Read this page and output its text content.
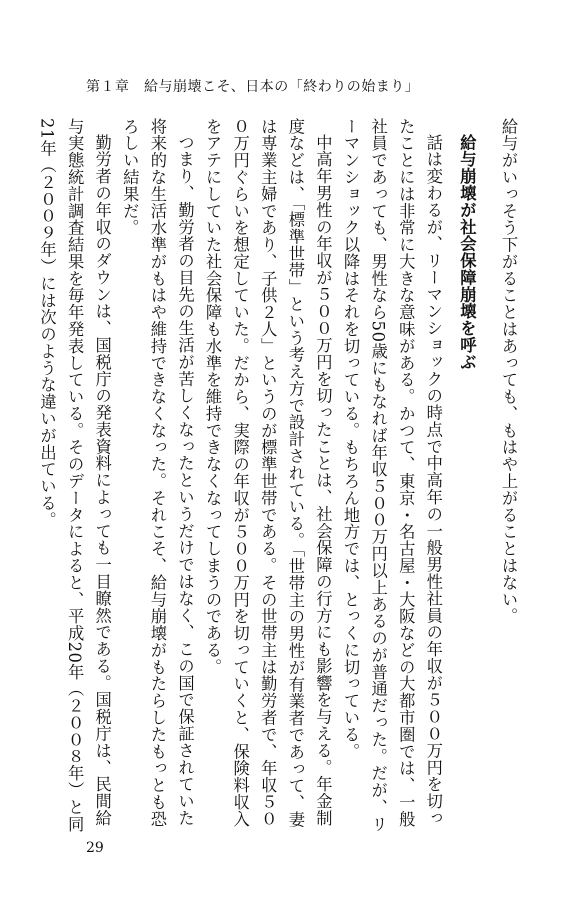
第１章　給与崩壊こそ、日本の「終わりの始まり」

給与がいっそう下がることはあっても、もはや上がることはない。

給与崩壊が社会保障崩壊を呼ぶ

話は変わるが、リーマンショックの時点で中高年の一般男性社員の年収が５００万円を切ったことには非常に大きな意味がある。かつて、東京・名古屋・大阪などの大都市圏では、一般社員であっても、男性なら50歳にもなれば年収５００万円以上あるのが普通だった。だが、リーマンショック以降はそれを切っている。もちろん地方では、とっくに切っている。

中高年男性の年収が５００万円を切ったことは、社会保障の行方にも影響を与える。年金制度などは、「標準世帯」という考え方で設計されている。「世帯主の男性が有業者であって、妻は専業主婦であり、子供２人」というのが標準世帯である。その世帯主は勤労者で、年収５００万円ぐらいを想定していた。だから、実際の年収が５００万円を切っていくと、保険料収入をアテにしていた社会保障も水準を維持できなくなってしまうのである。

つまり、勤労者の目先の生活が苦しくなったというだけではなく、この国で保証されていた将来的な生活水準がもはや維持できなくなった。それこそ、給与崩壊がもたらしたもっとも恐ろしい結果だ。

勤労者の年収のダウンは、国税庁の発表資料によっても一目瞭然である。国税庁は、民間給与実態統計調査結果を毎年発表している。そのデータによると、平成20年（２００８年）と同21年（２００９年）には次のような違いが出ている。

29
